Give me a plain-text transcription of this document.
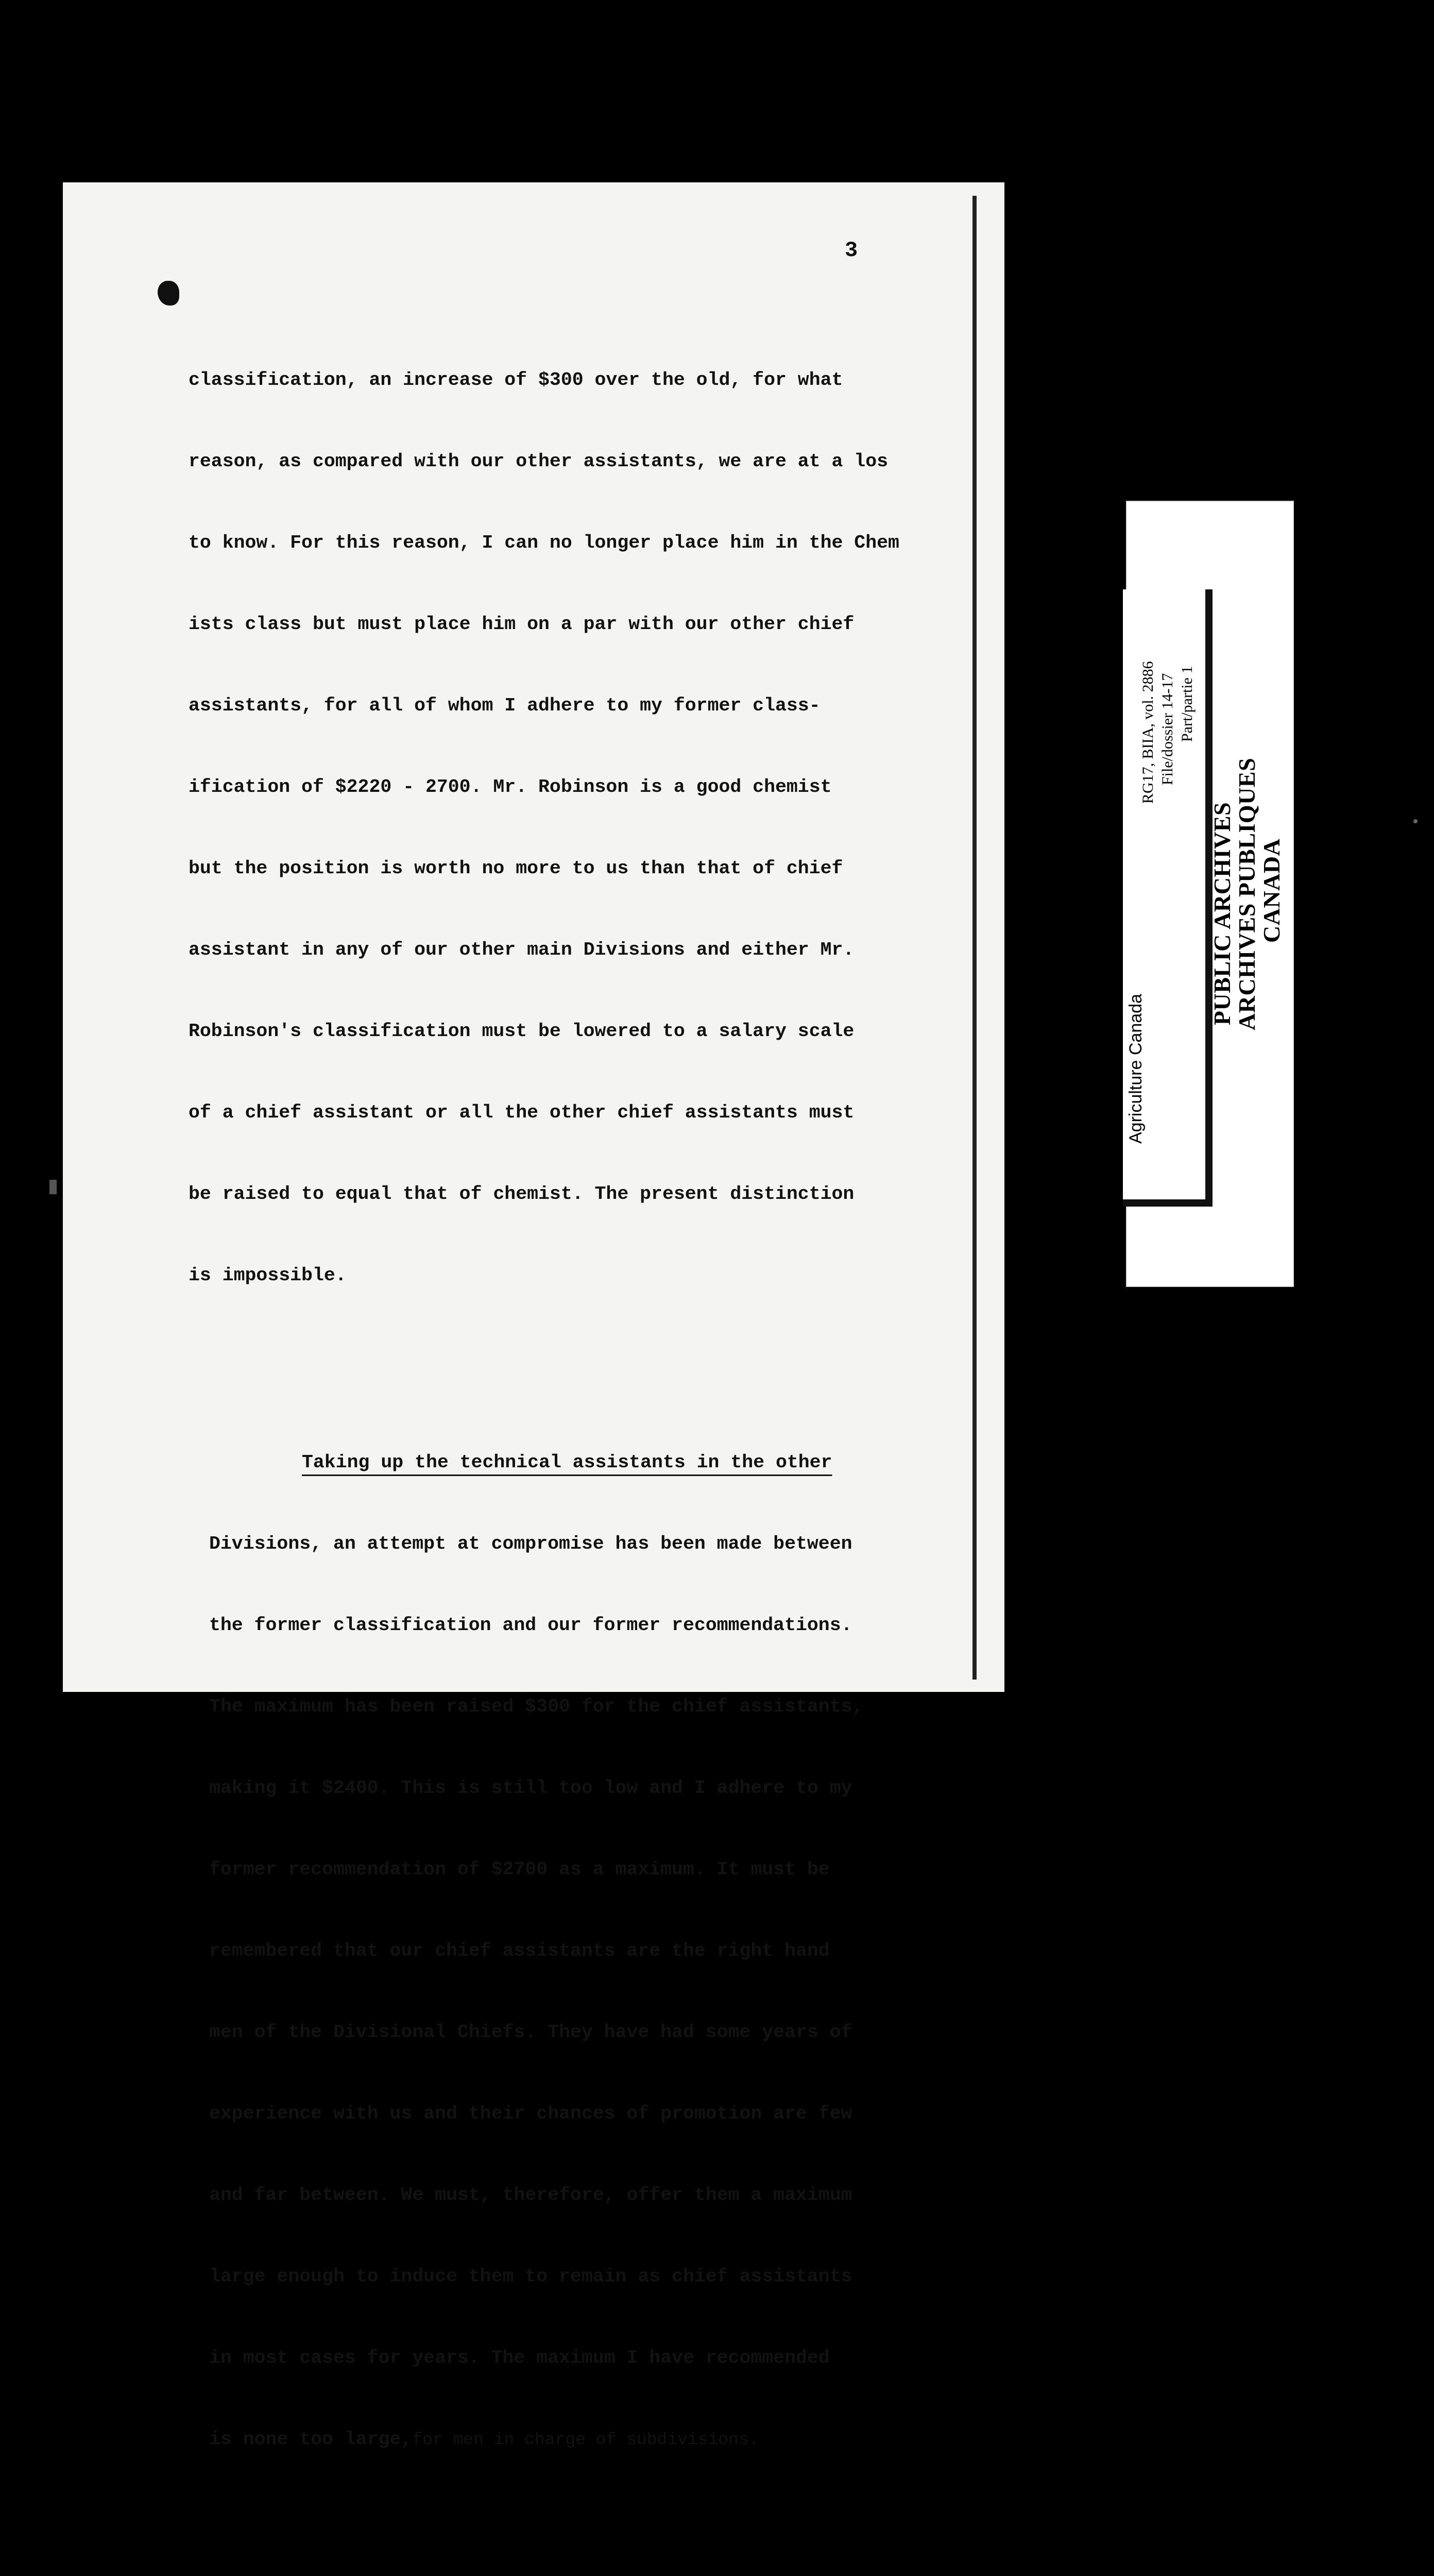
3

classification, an increase of $300 over the old, for what

reason, as compared with our other assistants, we are at a los

to know. For this reason, I can no longer place him in the Chem

ists class but must place him on a par with our other chief

assistants, for all of whom I adhere to my former class-

ification of $2220 - 2700. Mr. Robinson is a good chemist

but the position is worth no more to us than that of chief

assistant in any of our other main Divisions and either Mr.

Robinson's classification must be lowered to a salary scale

of a chief assistant or all the other chief assistants must

be raised to equal that of chemist. The present distinction

is impossible.

Taking up the technical assistants in the other

Divisions, an attempt at compromise has been made between

the former classification and our former recommendations.

The maximum has been raised $300 for the chief assistants,

making it $2400. This is still too low and I adhere to my

former recommendation of $2700 as a maximum. It must be

remembered that our chief assistants are the right hand

men of the Divisional Chiefs. They have had some years of

experience with us and their chances of promotion are few

and far between. We must, therefore, offer them a maximum

large enough to induce them to remain as chief assistants

in most cases for years. The maximum I have recommended

is none too large,for men in charge of subdivisions.

Agriculture Canada
RG17, BIIA, vol. 2886 File/dossier 14-17 Part/partie 1
PUBLIC ARCHIVES
ARCHIVES PUBLIQUES
CANADA
